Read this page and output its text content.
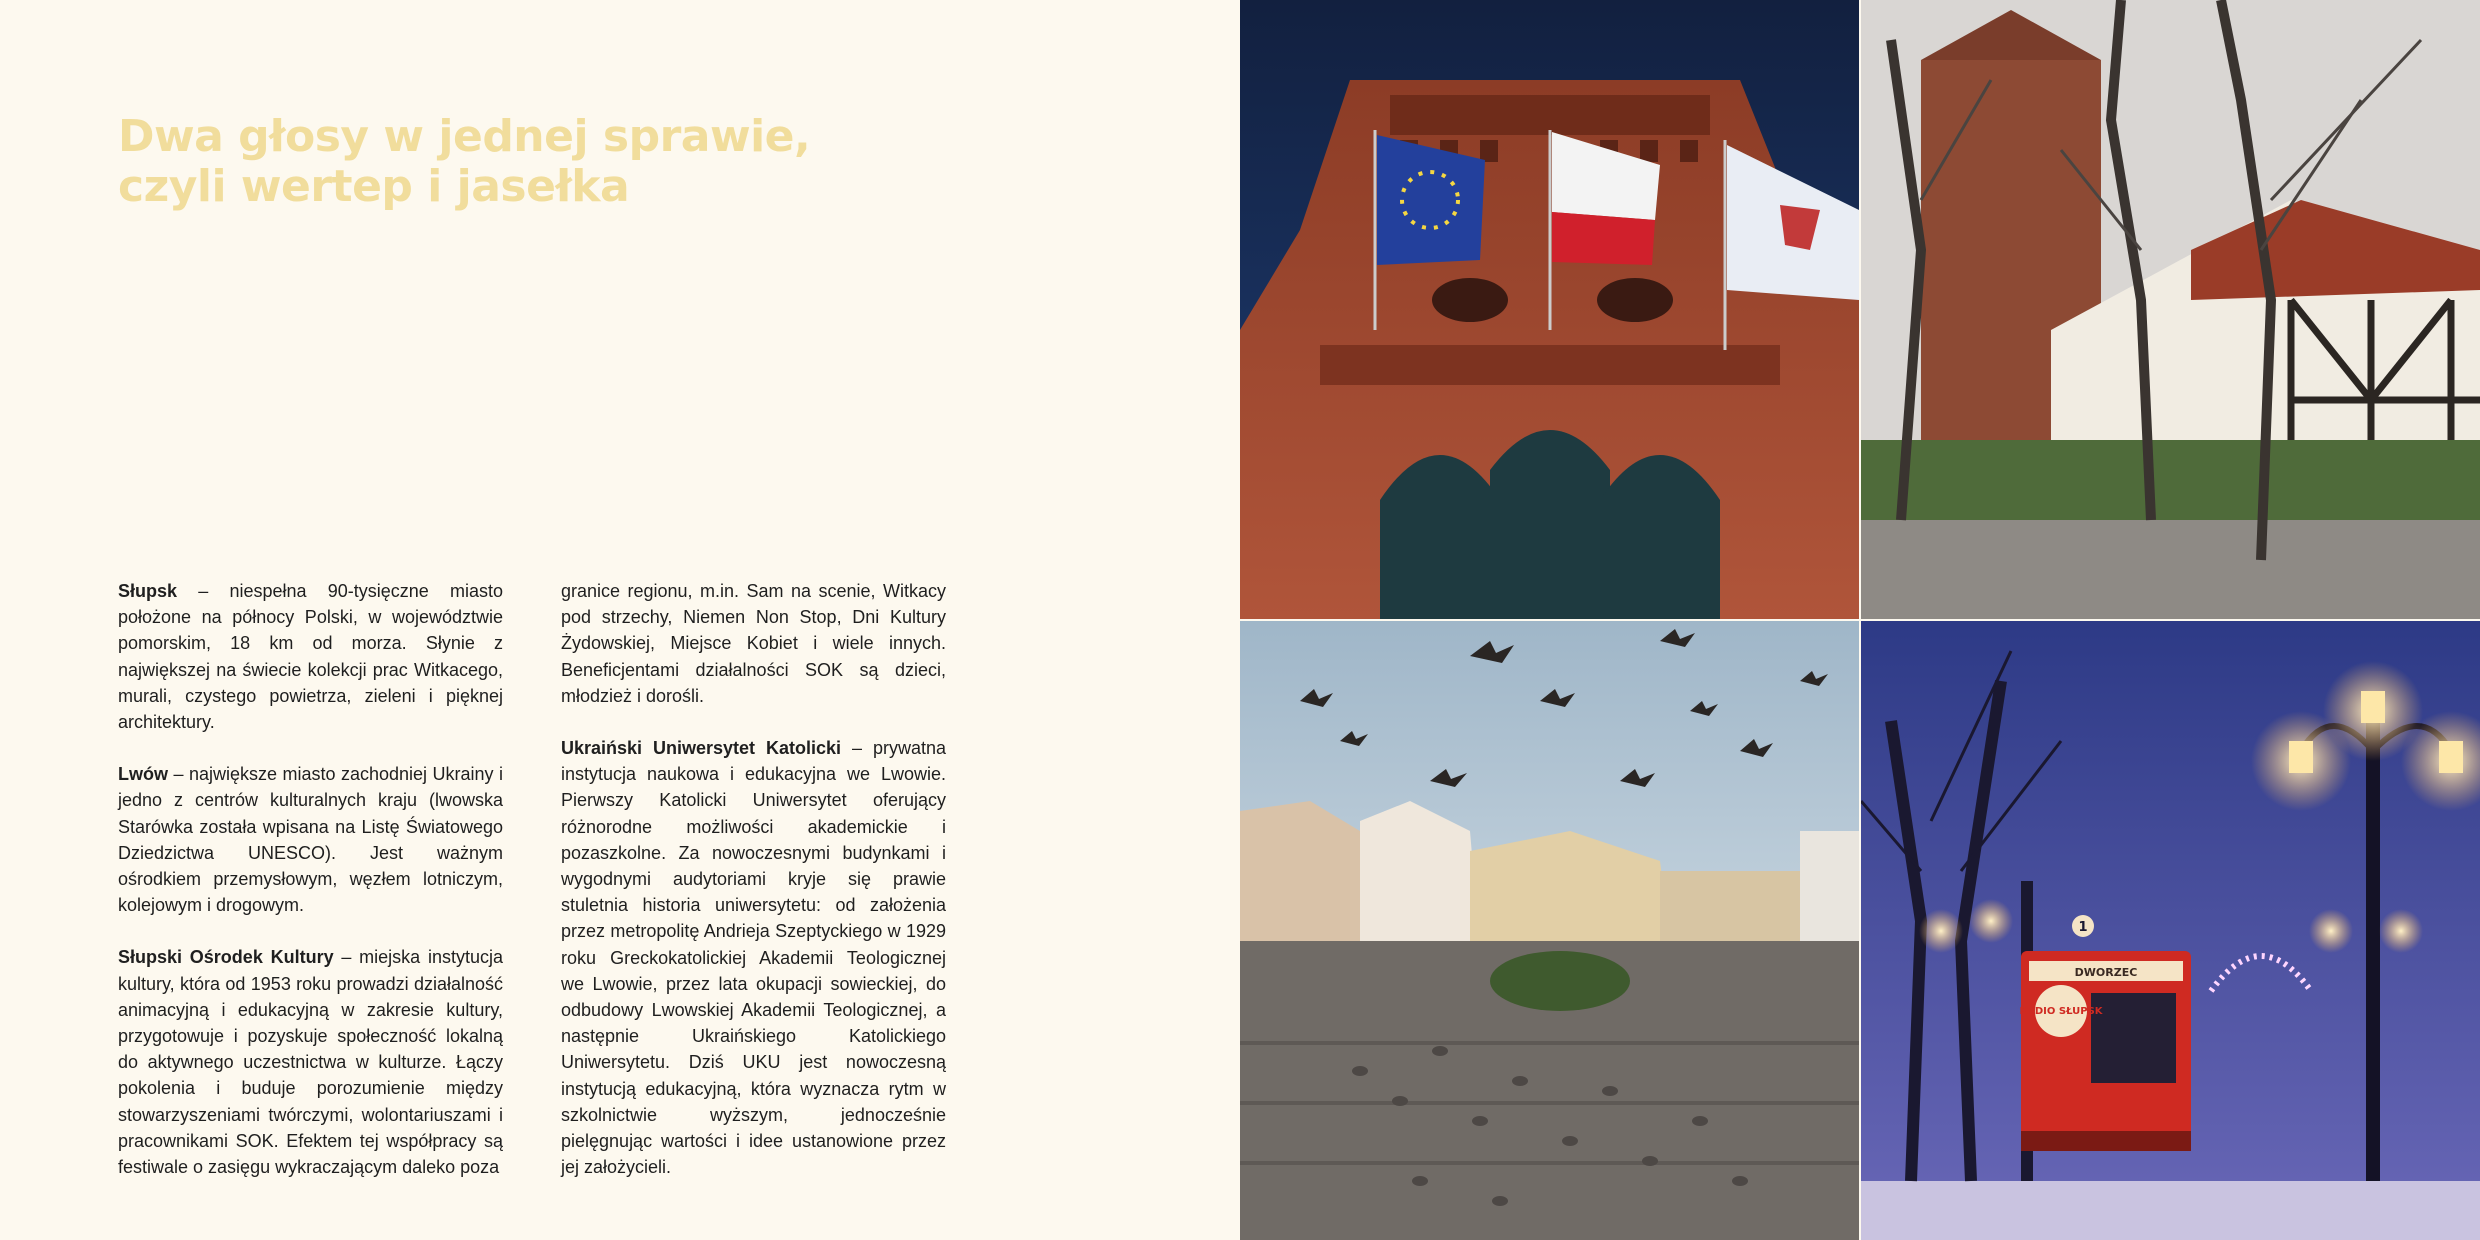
Dwa głosy w jednej sprawie,
czyli wertep i jasełka

Słupsk – niespełna 90-tysięczne miasto położone na północy Polski, w województwie pomorskim, 18 km od morza. Słynie z największej na świecie kolekcji prac Witkacego, murali, czystego powietrza, zieleni i pięknej architektury.

Lwów – największe miasto zachodniej Ukrainy i jedno z centrów kulturalnych kraju (lwowska Starówka została wpisana na Listę Światowego Dziedzictwa UNESCO). Jest ważnym ośrodkiem przemysłowym, węzłem lotniczym, kolejowym i drogowym.

Słupski Ośrodek Kultury – miejska instytucja kultury, która od 1953 roku prowadzi działalność animacyjną i edukacyjną w zakresie kultury, przygotowuje i pozyskuje społeczność lokalną do aktywnego uczestnictwa w kulturze. Łączy pokolenia i buduje porozumienie między stowarzyszeniami twórczymi, wolontariuszami i pracownikami SOK. Efektem tej współpracy są festiwale o zasięgu wykraczającym daleko poza

granice regionu, m.in. Sam na scenie, Witkacy pod strzechy, Niemen Non Stop, Dni Kultury Żydowskiej, Miejsce Kobiet i wiele innych. Beneficjentami działalności SOK są dzieci, młodzież i dorośli.

Ukraiński Uniwersytet Katolicki – prywatna instytucja naukowa i edukacyjna we Lwowie. Pierwszy Katolicki Uniwersytet oferujący różnorodne możliwości akademickie i pozaszkolne. Za nowoczesnymi budynkami i wygodnymi audytoriami kryje się prawie stuletnia historia uniwersytetu: od założenia przez metropolitę Andrieja Szeptyckiego w 1929 roku Greckokatolickiej Akademii Teologicznej we Lwowie, przez lata okupacji sowieckiej, do odbudowy Lwowskiej Akademii Teologicznej, a następnie Ukraińskiego Katolickiego Uniwersytetu. Dziś UKU jest nowoczesną instytucją edukacyjną, która wyznacza rytm w szkolnictwie wyższym, jednocześnie pielęgnując wartości i idee ustanowione przez jej założycieli.

RADIO SŁUPSK
DWORZEC
1
